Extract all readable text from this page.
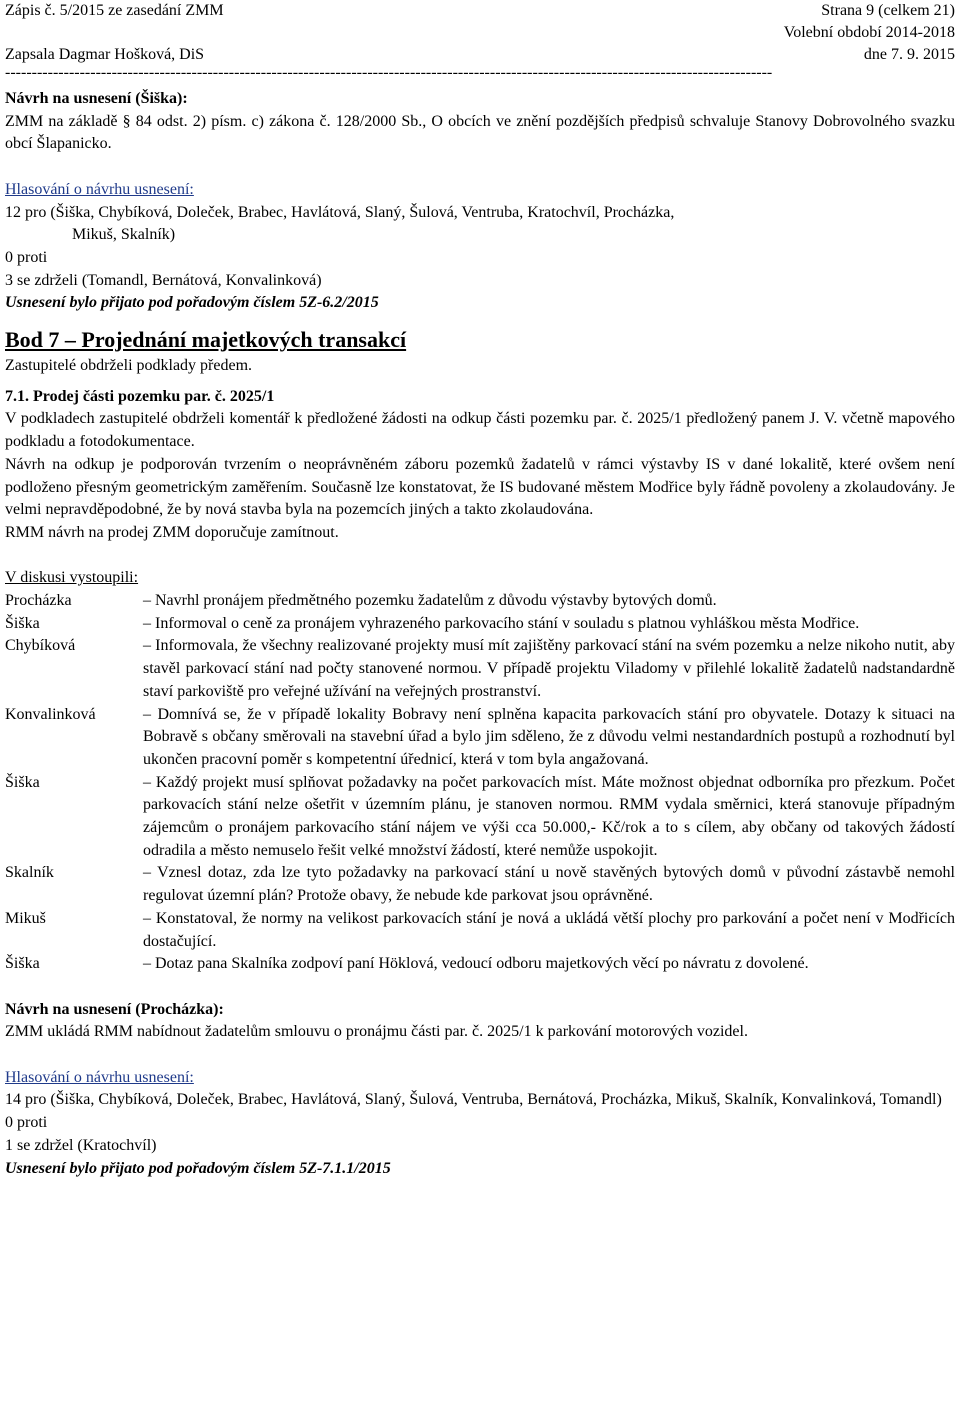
Zápis č. 5/2015 ze zasedání ZMM	Strana 9 (celkem 21)
Volební období 2014-2018
Zapsala Dagmar Hošková, DiS	dne 7. 9. 2015
------------------------------------------------------------------------------------------------------------------------------------------------

Návrh na usnesení (Šiška):

ZMM na základě § 84 odst. 2) písm. c) zákona č. 128/2000 Sb., O obcích ve znění pozdějších předpisů schvaluje Stanovy Dobrovolného svazku obcí Šlapanicko.

Hlasování o návrhu usnesení:

12 pro (Šiška, Chybíková, Doleček, Brabec, Havlátová, Slaný, Šulová, Ventruba, Kratochvíl, Procházka,

Mikuš, Skalník)

0 proti

3 se zdrželi (Tomandl, Bernátová, Konvalinková)

Usnesení bylo přijato pod pořadovým číslem 5Z-6.2/2015

Bod 7 – Projednání majetkových transakcí

Zastupitelé obdrželi podklady předem.

7.1. Prodej části pozemku par. č. 2025/1

V podkladech zastupitelé obdrželi komentář k předložené žádosti na odkup části pozemku par. č. 2025/1 předložený panem J. V. včetně mapového podkladu a fotodokumentace.

Návrh na odkup je podporován tvrzením o neoprávněném záboru pozemků žadatelů v rámci výstavby IS v dané lokalitě, které ovšem není podloženo přesným geometrickým zaměřením. Současně lze konstatovat, že IS budované městem Modřice byly řádně povoleny a zkolaudovány. Je velmi nepravděpodobné, že by nová stavba byla na pozemcích jiných a takto zkolaudována.

RMM návrh na prodej ZMM doporučuje zamítnout.

V diskusi vystoupili:

Procházka	– Navrhl pronájem předmětného pozemku žadatelům z důvodu výstavby bytových domů.
Šiška	– Informoval o ceně za pronájem vyhrazeného parkovacího stání v souladu s platnou vyhláškou města Modřice.
Chybíková	– Informovala, že všechny realizované projekty musí mít zajištěny parkovací stání na svém pozemku a nelze nikoho nutit, aby stavěl parkovací stání nad počty stanovené normou. V případě projektu Viladomy v přilehlé lokalitě žadatelů nadstandardně staví parkoviště pro veřejné užívání na veřejných prostranství.
Konvalinková	– Domnívá se, že v případě lokality Bobravy není splněna kapacita parkovacích stání pro obyvatele. Dotazy k situaci na Bobravě s občany směrovali na stavební úřad a bylo jim sděleno, že z důvodu velmi nestandardních postupů a rozhodnutí byl ukončen pracovní poměr s kompetentní úřednicí, která v tom byla angažovaná.
Šiška	– Každý projekt musí splňovat požadavky na počet parkovacích míst. Máte možnost objednat odborníka pro přezkum. Počet parkovacích stání nelze ošetřit v územním plánu, je stanoven normou. RMM vydala směrnici, která stanovuje případným zájemcům o pronájem parkovacího stání nájem ve výši cca 50.000,- Kč/rok a to s cílem, aby občany od takových žádostí odradila a město nemuselo řešit velké množství žádostí, které nemůže uspokojit.
Skalník	– Vznesl dotaz, zda lze tyto požadavky na parkovací stání u nově stavěných bytových domů v původní zástavbě nemohl regulovat územní plán? Protože obavy, že nebude kde parkovat jsou oprávněné.
Mikuš	– Konstatoval, že normy na velikost parkovacích stání je nová a ukládá větší plochy pro parkování a počet není v Modřicích dostačující.
Šiška	– Dotaz pana Skalníka zodpoví paní Höklová, vedoucí odboru majetkových věcí po návratu z dovolené.

Návrh na usnesení (Procházka):

ZMM ukládá RMM nabídnout žadatelům smlouvu o pronájmu části par. č. 2025/1 k parkování motorových vozidel.

Hlasování o návrhu usnesení:

14 pro (Šiška, Chybíková, Doleček, Brabec, Havlátová, Slaný, Šulová, Ventruba, Bernátová, Procházka, Mikuš, Skalník, Konvalinková, Tomandl)

0 proti

1 se zdržel (Kratochvíl)

Usnesení bylo přijato pod pořadovým číslem 5Z-7.1.1/2015
